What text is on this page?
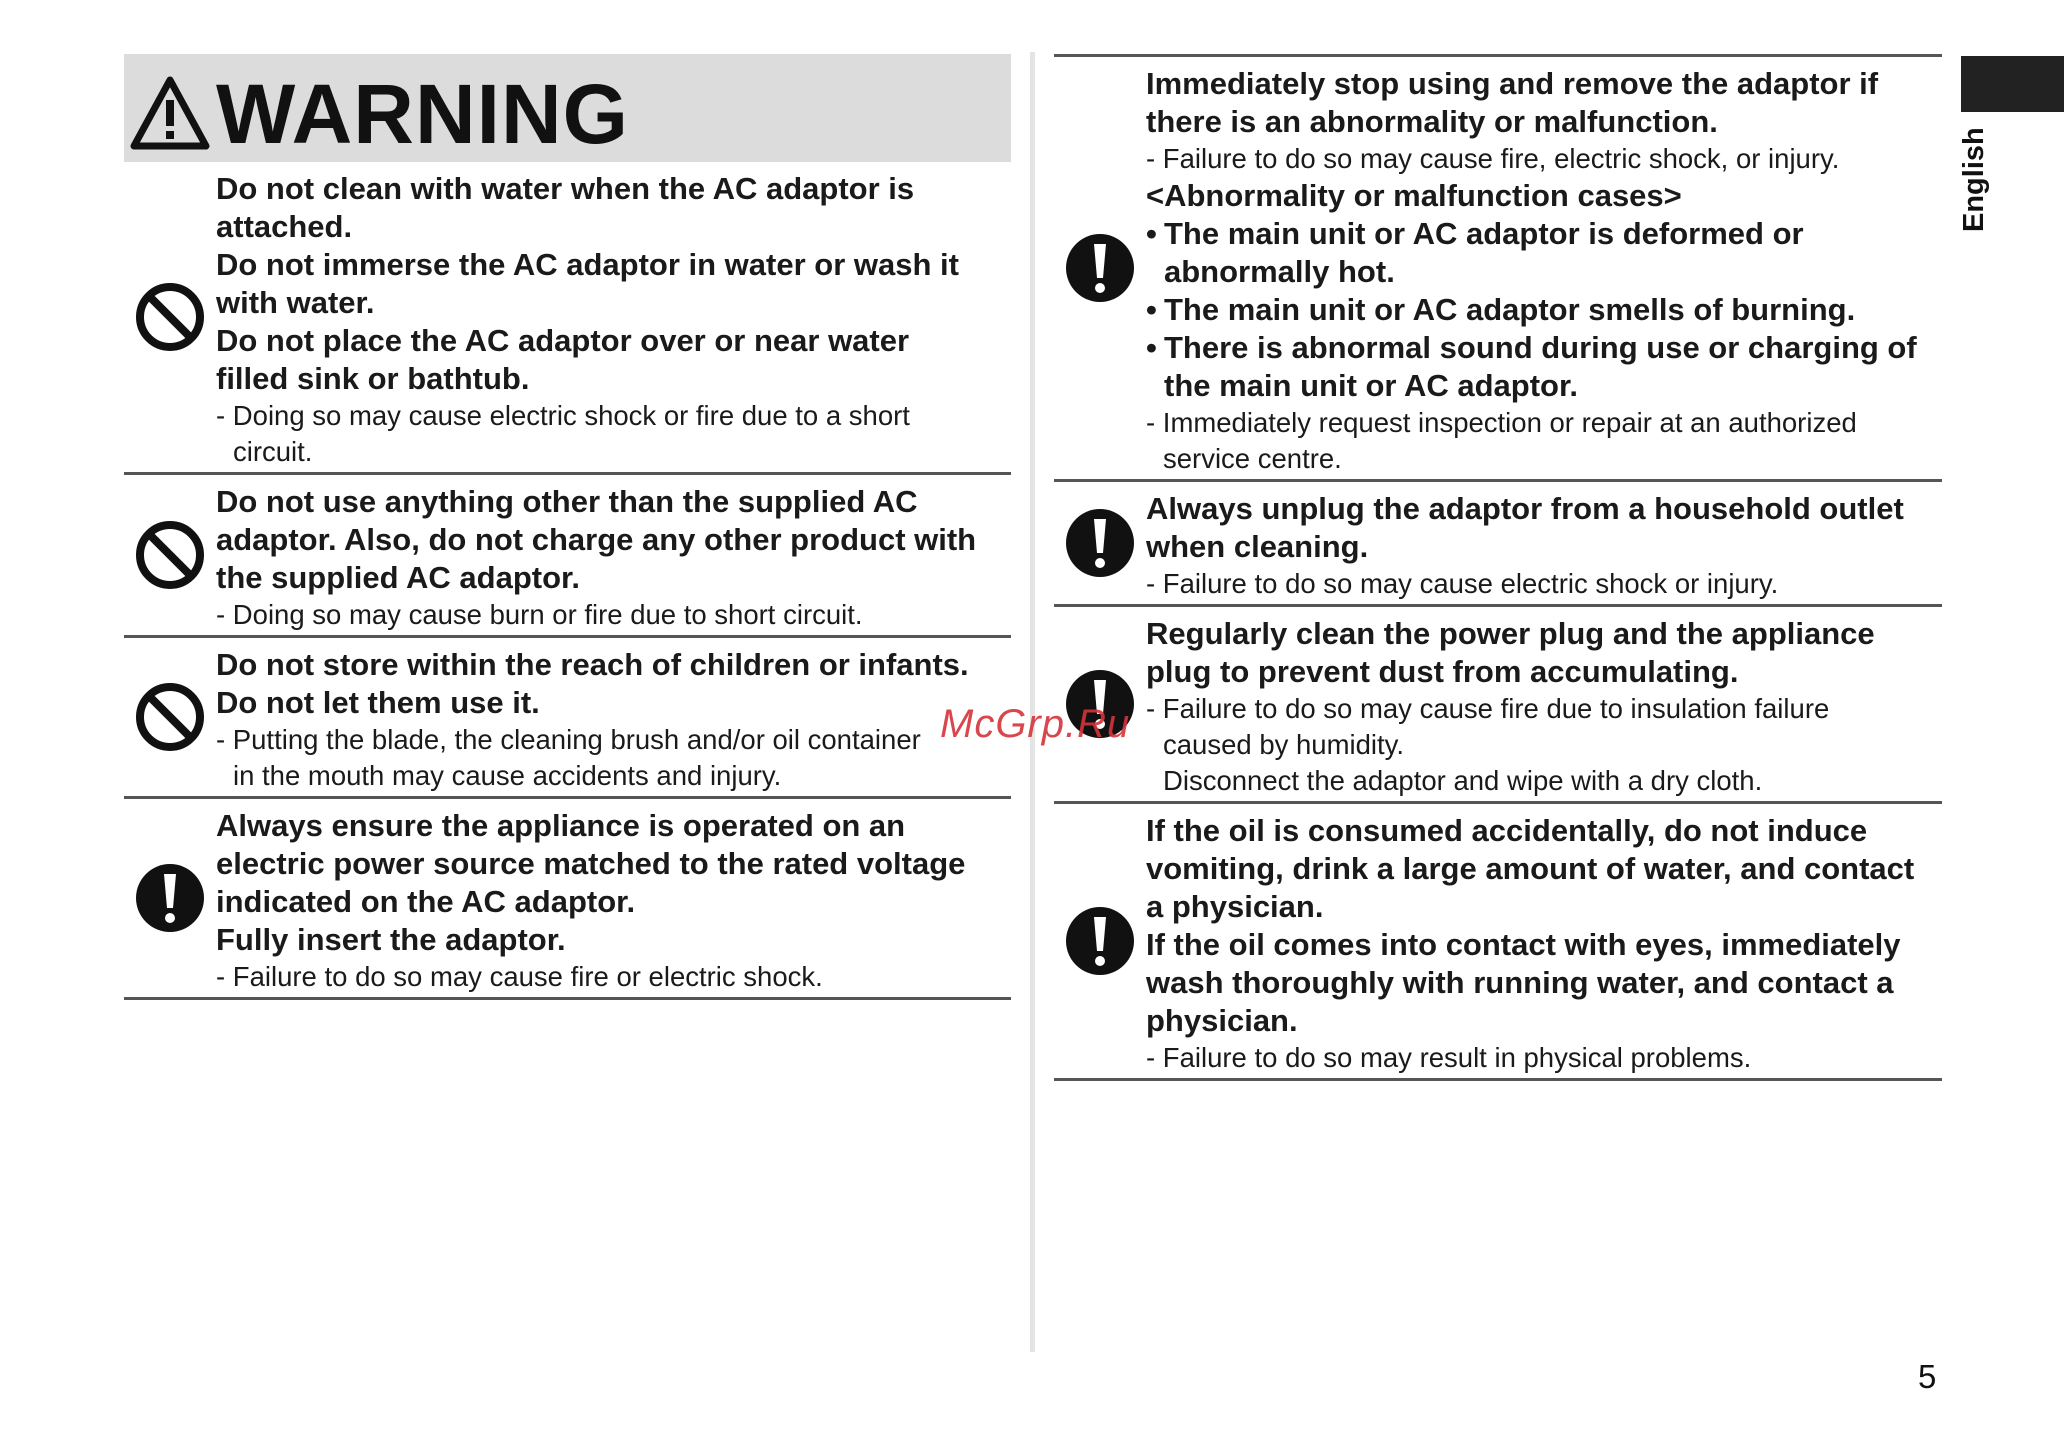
WARNING

Do not clean with water when the AC adaptor is

attached.

Do not immerse the AC adaptor in water or wash it

with water.

Do not place the AC adaptor over or near water

filled sink or bathtub.

- Doing so may cause electric shock or fire due to a short

circuit.

Do not use anything other than the supplied AC

adaptor. Also, do not charge any other product with

the supplied AC adaptor.

- Doing so may cause burn or fire due to short circuit.

Do not store within the reach of children or infants.

Do not let them use it.

- Putting the blade, the cleaning brush and/or oil container

in the mouth may cause accidents and injury.

Always ensure the appliance is operated on an

electric power source matched to the rated voltage

indicated on the AC adaptor.

Fully insert the adaptor.

- Failure to do so may cause fire or electric shock.

Immediately stop using and remove the adaptor if

there is an abnormality or malfunction.

- Failure to do so may cause fire, electric shock, or injury.

<Abnormality or malfunction cases>

• The main unit or AC adaptor is deformed or

abnormally hot.

• The main unit or AC adaptor smells of burning.

• There is abnormal sound during use or charging of

the main unit or AC adaptor.

- Immediately request inspection or repair at an authorized

service centre.

Always unplug the adaptor from a household outlet

when cleaning.

- Failure to do so may cause electric shock or injury.

Regularly clean the power plug and the appliance

plug to prevent dust from accumulating.

- Failure to do so may cause fire due to insulation failure

caused by humidity.

Disconnect the adaptor and wipe with a dry cloth.

If the oil is consumed accidentally, do not induce

vomiting, drink a large amount of water, and contact

a physician.

If the oil comes into contact with eyes, immediately

wash thoroughly with running water, and contact a

physician.

- Failure to do so may result in physical problems.

English
5
McGrp.Ru
